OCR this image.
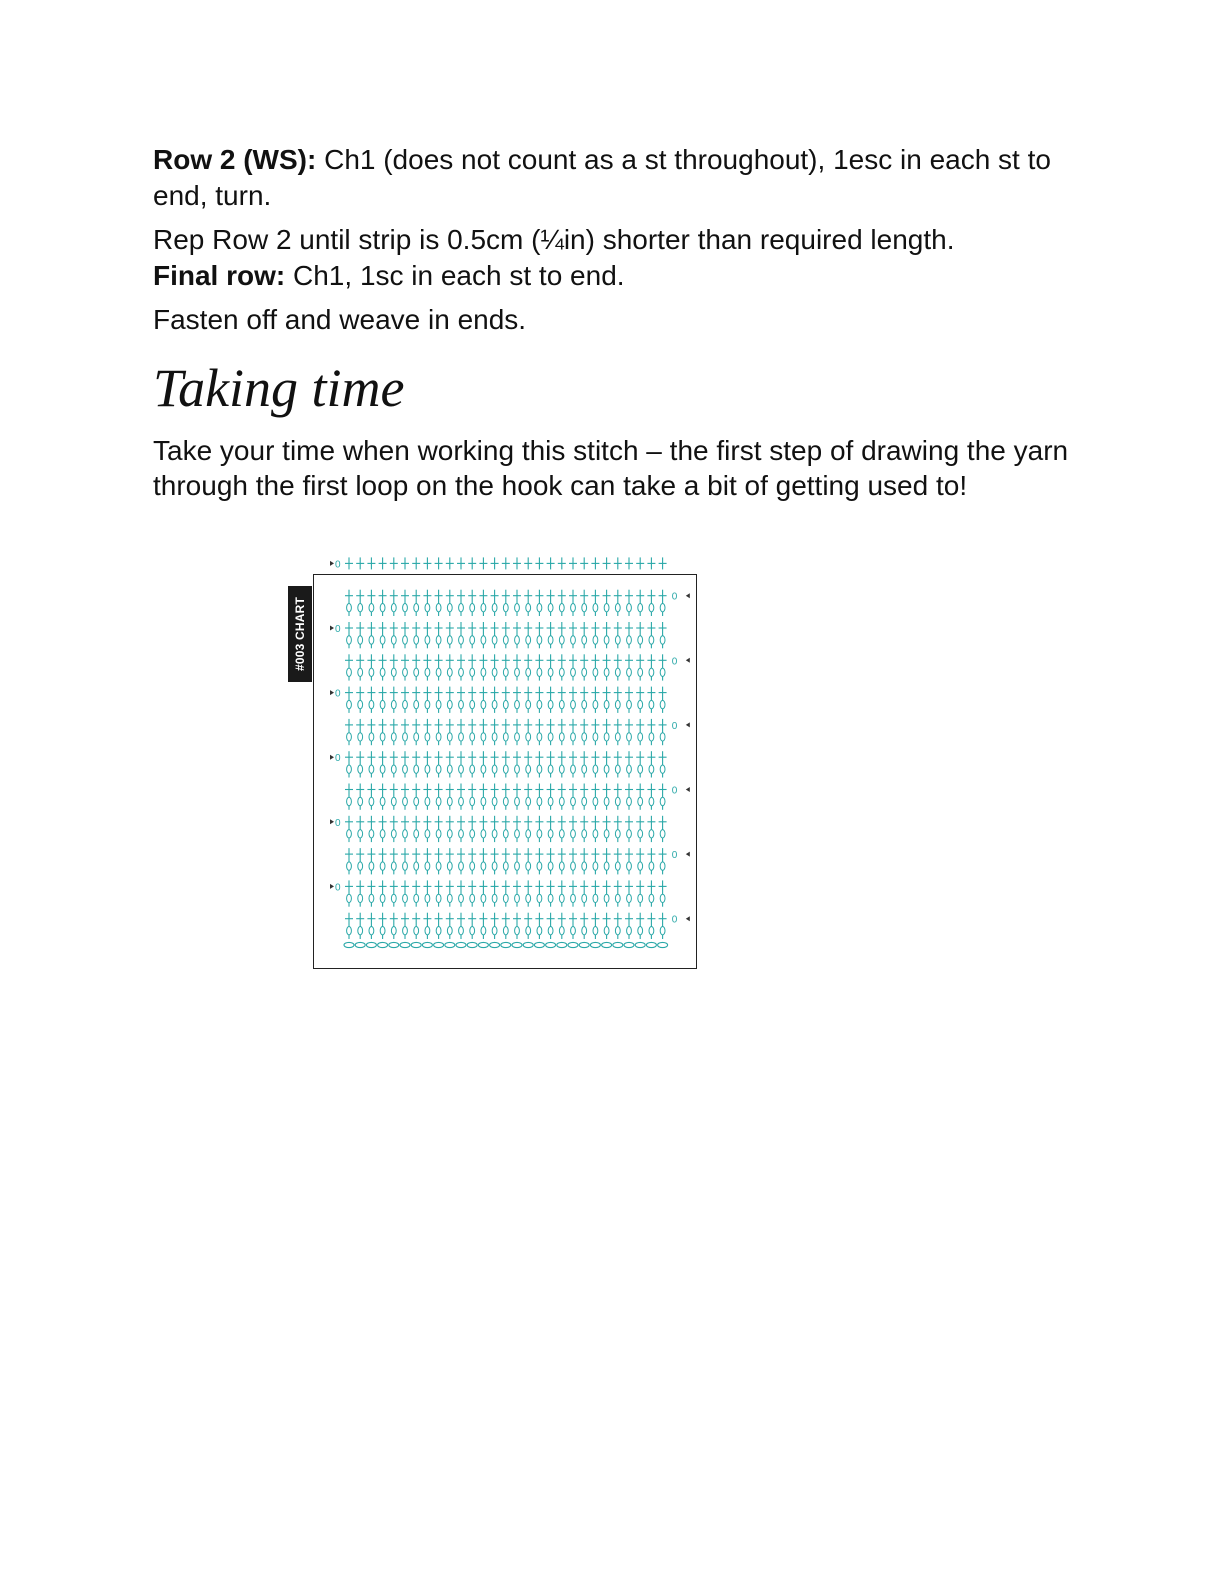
Row 2 (WS): Ch1 (does not count as a st throughout), 1esc in each st to end, turn.

Rep Row 2 until strip is 0.5cm (¼in) shorter than required length.

Final row: Ch1, 1sc in each st to end.

Fasten off and weave in ends.

Taking time

Take your time when working this stitch – the first step of drawing the yarn through the first loop on the hook can take a bit of getting used to!

#003 CHART
0
0
0
0
0
0
0
0
0
0
0
0
